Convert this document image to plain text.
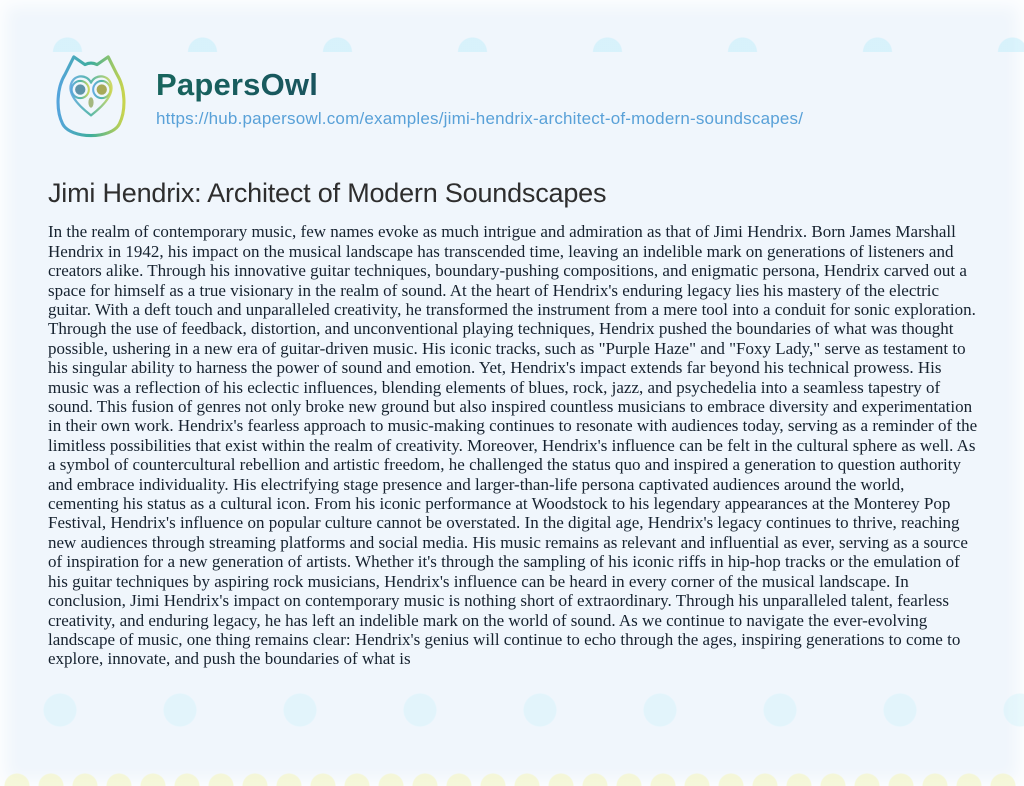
PapersOwl
https://hub.papersowl.com/examples/jimi-hendrix-architect-of-modern-soundscapes/
Jimi Hendrix: Architect of Modern Soundscapes

In the realm of contemporary music, few names evoke as much intrigue and admiration as that of Jimi Hendrix. Born James Marshall Hendrix in 1942, his impact on the musical landscape has transcended time, leaving an indelible mark on generations of listeners and creators alike. Through his innovative guitar techniques, boundary-pushing compositions, and enigmatic persona, Hendrix carved out a space for himself as a true visionary in the realm of sound. At the heart of Hendrix's enduring legacy lies his mastery of the electric guitar. With a deft touch and unparalleled creativity, he transformed the instrument from a mere tool into a conduit for sonic exploration. Through the use of feedback, distortion, and unconventional playing techniques, Hendrix pushed the boundaries of what was thought possible, ushering in a new era of guitar-driven music. His iconic tracks, such as "Purple Haze" and "Foxy Lady," serve as testament to his singular ability to harness the power of sound and emotion. Yet, Hendrix's impact extends far beyond his technical prowess. His music was a reflection of his eclectic influences, blending elements of blues, rock, jazz, and psychedelia into a seamless tapestry of sound. This fusion of genres not only broke new ground but also inspired countless musicians to embrace diversity and experimentation in their own work. Hendrix's fearless approach to music-making continues to resonate with audiences today, serving as a reminder of the limitless possibilities that exist within the realm of creativity. Moreover, Hendrix's influence can be felt in the cultural sphere as well. As a symbol of countercultural rebellion and artistic freedom, he challenged the status quo and inspired a generation to question authority and embrace individuality. His electrifying stage presence and larger-than-life persona captivated audiences around the world, cementing his status as a cultural icon. From his iconic performance at Woodstock to his legendary appearances at the Monterey Pop Festival, Hendrix's influence on popular culture cannot be overstated. In the digital age, Hendrix's legacy continues to thrive, reaching new audiences through streaming platforms and social media. His music remains as relevant and influential as ever, serving as a source of inspiration for a new generation of artists. Whether it's through the sampling of his iconic riffs in hip-hop tracks or the emulation of his guitar techniques by aspiring rock musicians, Hendrix's influence can be heard in every corner of the musical landscape. In conclusion, Jimi Hendrix's impact on contemporary music is nothing short of extraordinary. Through his unparalleled talent, fearless creativity, and enduring legacy, he has left an indelible mark on the world of sound. As we continue to navigate the ever-evolving landscape of music, one thing remains clear: Hendrix's genius will continue to echo through the ages, inspiring generations to come to explore, innovate, and push the boundaries of what is
